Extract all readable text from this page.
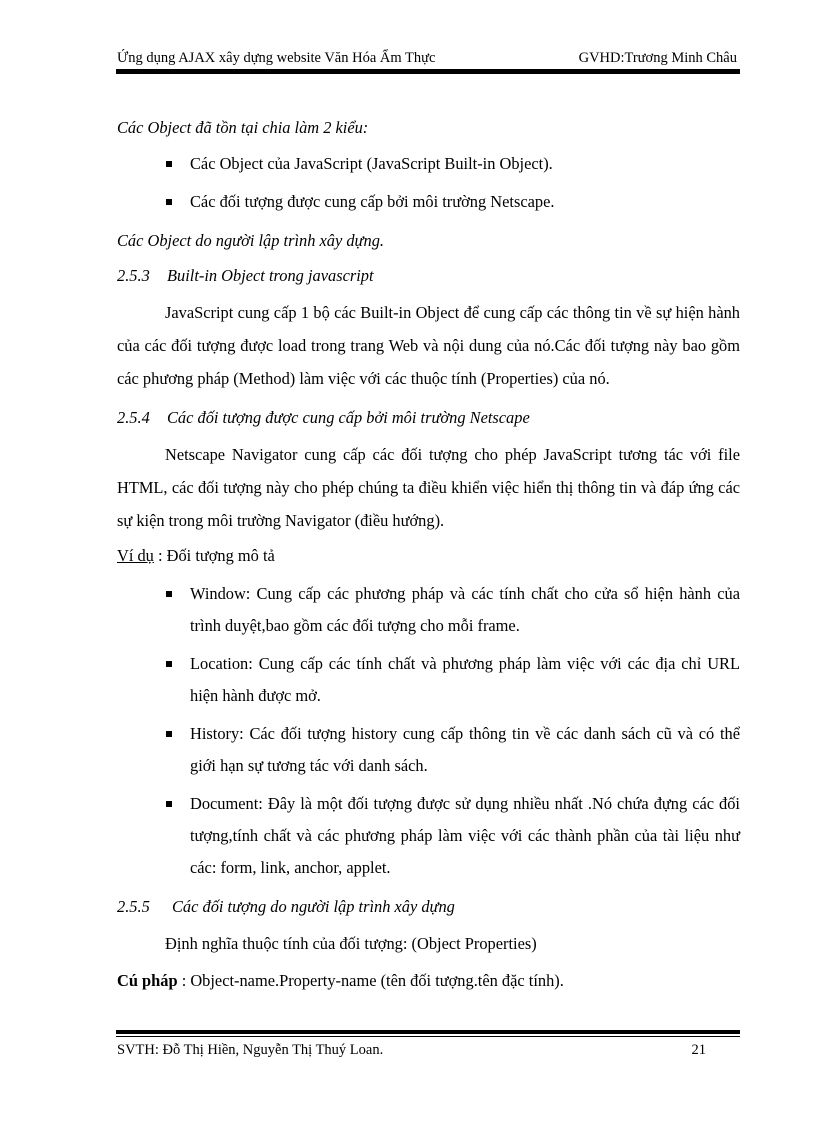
Ứng dụng AJAX xây dựng website Văn Hóa Ẩm Thực	GVHD:Trương Minh Châu

Các Object đã tồn tại chia làm 2 kiểu:

Các Object của JavaScript (JavaScript Built-in Object).
Các đối tượng được cung cấp bởi môi trường Netscape.

Các Object do người lập trình xây dựng.

2.5.3 Built-in Object trong javascript

JavaScript cung cấp 1 bộ các Built-in Object để cung cấp các thông tin về sự hiện hành của các đối tượng được load trong trang Web và nội dung của nó.Các đối tượng này bao gồm các phương pháp (Method) làm việc với các thuộc tính (Properties) của nó.

2.5.4 Các đối tượng được cung cấp bởi môi trường Netscape

Netscape Navigator cung cấp các đối tượng cho phép JavaScript tương tác với file HTML, các đối tượng này cho phép chúng ta điều khiển việc hiển thị thông tin và đáp ứng các sự kiện trong môi trường Navigator (điều hướng).

Ví dụ : Đối tượng mô tả

Window: Cung cấp các phương pháp và các tính chất cho cửa sổ hiện hành của trình duyệt,bao gồm các đối tượng cho mỗi frame.
Location: Cung cấp các tính chất và phương pháp làm việc với các địa chỉ URL hiện hành được mở.
History: Các đối tượng history cung cấp thông tin về các danh sách cũ và có thể giới hạn sự tương tác với danh sách.
Document: Đây là một đối tượng được sử dụng nhiều nhất .Nó chứa đựng các đối tượng,tính chất và các phương pháp làm việc với các thành phần của tài liệu như các: form, link, anchor, applet.

2.5.5 Các đối tượng do người lập trình xây dựng

Định nghĩa thuộc tính của đối tượng: (Object Properties)

Cú pháp : Object-name.Property-name (tên đối tượng.tên đặc tính).

SVTH: Đỗ Thị Hiền, Nguyễn Thị Thuý Loan.	21
